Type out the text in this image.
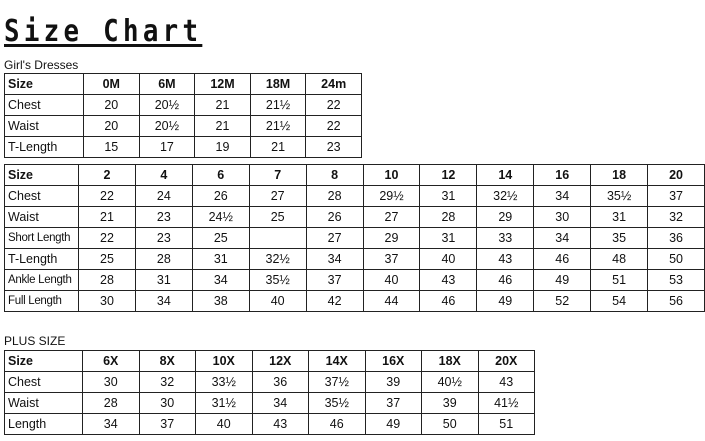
Size Chart
Girl's Dresses
Size	0M	6M	12M	18M	24m
Chest	20	20½	21	21½	22
Waist	20	20½	21	21½	22
T-Length	15	17	19	21	23
Size	2	4	6	7	8	10	12	14	16	18	20
Chest	22	24	26	27	28	29½	31	32½	34	35½	37
Waist	21	23	24½	25	26	27	28	29	30	31	32
Short Length	22	23	25		27	29	31	33	34	35	36
T-Length	25	28	31	32½	34	37	40	43	46	48	50
Ankle Length	28	31	34	35½	37	40	43	46	49	51	53
Full Length	30	34	38	40	42	44	46	49	52	54	56
PLUS SIZE
Size	6X	8X	10X	12X	14X	16X	18X	20X
Chest	30	32	33½	36	37½	39	40½	43
Waist	28	30	31½	34	35½	37	39	41½
Length	34	37	40	43	46	49	50	51
